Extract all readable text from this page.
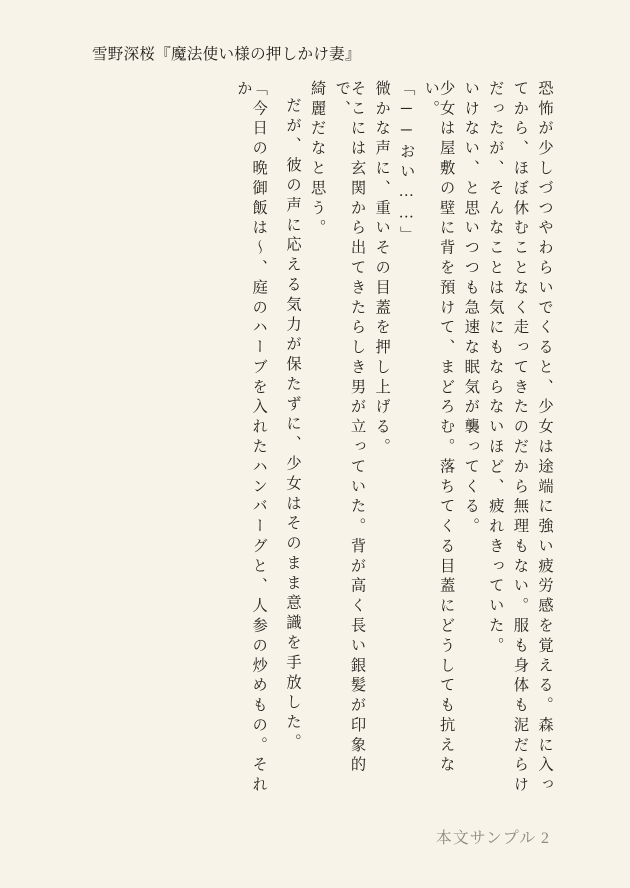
雪野深桜『魔法使い様の押しかけ妻』
恐怖が少しづつやわらいでくると、少女は途端に強い疲労感を覚える。森に入っ
てから、ほぼ休むことなく走ってきたのだから無理もない。服も身体も泥だらけ
だったが、そんなことは気にもならないほど、疲れきっていた。
いけない、と思いつつも急速な眠気が襲ってくる。
少女は屋敷の壁に背を預けて、まどろむ。落ちてくる目蓋にどうしても抗えない。
「──おい……」
微かな声に、重いその目蓋を押し上げる。
そこには玄関から出てきたらしき男が立っていた。背が高く長い銀髪が印象的で、
綺麗だなと思う。
だが、彼の声に応える気力が保たずに、少女はそのまま意識を手放した。
「今日の晩御飯は〜、庭のハーブを入れたハンバーグと、人参の炒めもの。それか
本文サンプル 2
